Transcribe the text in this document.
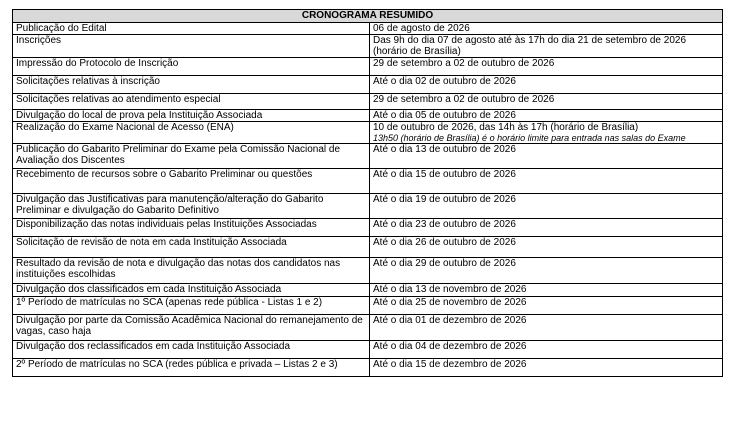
CRONOGRAMA RESUMIDO	
Publicação do Edital	06 de agosto de 2026
Inscrições	Das 9h do dia 07 de agosto até às 17h do dia 21 de setembro de 2026 (horário de Brasília)
Impressão do Protocolo de Inscrição	29 de setembro a 02 de outubro de 2026
Solicitações relativas à inscrição	Até o dia 02 de outubro de 2026
Solicitações relativas ao atendimento especial	29 de setembro a 02 de outubro de 2026
Divulgação do local de prova pela Instituição Associada	Até o dia 05 de outubro de 2026
Realização do Exame Nacional de Acesso (ENA)	10 de outubro de 2026, das 14h às 17h (horário de Brasília)
13h50 (horário de Brasília) é o horário limite para entrada nas salas do Exame

Publicação do Gabarito Preliminar do Exame pela Comissão Nacional de Avaliação dos Discentes	Até o dia 13 de outubro de 2026
Recebimento de recursos sobre o Gabarito Preliminar ou questões	Até o dia 15 de outubro de 2026
Divulgação das Justificativas para manutenção/alteração do Gabarito Preliminar e divulgação do Gabarito Definitivo	Até o dia 19 de outubro de 2026
Disponibilização das notas individuais pelas Instituições Associadas	Até o dia 23 de outubro de 2026
Solicitação de revisão de nota em cada Instituição Associada	Até o dia 26 de outubro de 2026
Resultado da revisão de nota e divulgação das notas dos candidatos nas instituições escolhidas	Até o dia 29 de outubro de 2026
Divulgação dos classificados em cada Instituição Associada	Até o dia 13 de novembro de 2026
1º Período de matrículas no SCA (apenas rede pública - Listas 1 e 2)	Até o dia 25 de novembro de 2026
Divulgação por parte da Comissão Acadêmica Nacional do remanejamento de vagas, caso haja	Até o dia 01 de dezembro de 2026
Divulgação dos reclassificados em cada Instituição Associada	Até o dia 04 de dezembro de 2026
2º Período de matrículas no SCA (redes pública e privada – Listas 2 e 3)	Até o dia 15 de dezembro de 2026
